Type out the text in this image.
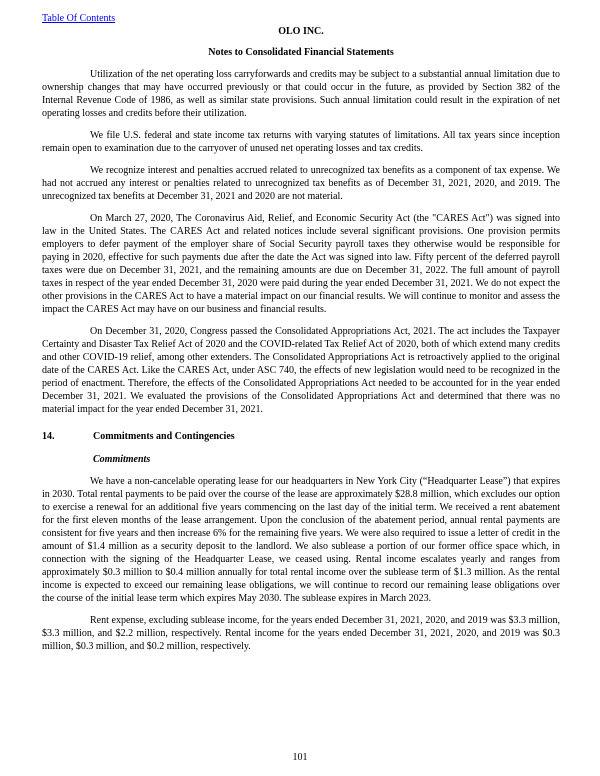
Table Of Contents
OLO INC.
Notes to Consolidated Financial Statements

Utilization of the net operating loss carryforwards and credits may be subject to a substantial annual limitation due to ownership changes that may have occurred previously or that could occur in the future, as provided by Section 382 of the Internal Revenue Code of 1986, as well as similar state provisions. Such annual limitation could result in the expiration of net operating losses and credits before their utilization.

We file U.S. federal and state income tax returns with varying statutes of limitations. All tax years since inception remain open to examination due to the carryover of unused net operating losses and tax credits.

We recognize interest and penalties accrued related to unrecognized tax benefits as a component of tax expense. We had not accrued any interest or penalties related to unrecognized tax benefits as of December 31, 2021, 2020, and 2019. The unrecognized tax benefits at December 31, 2021 and 2020 are not material.

On March 27, 2020, The Coronavirus Aid, Relief, and Economic Security Act (the "CARES Act") was signed into law in the United States. The CARES Act and related notices include several significant provisions. One provision permits employers to defer payment of the employer share of Social Security payroll taxes they otherwise would be responsible for paying in 2020, effective for such payments due after the date the Act was signed into law. Fifty percent of the deferred payroll taxes were due on December 31, 2021, and the remaining amounts are due on December 31, 2022. The full amount of payroll taxes in respect of the year ended December 31, 2020 were paid during the year ended December 31, 2021. We do not expect the other provisions in the CARES Act to have a material impact on our financial results. We will continue to monitor and assess the impact the CARES Act may have on our business and financial results.

On December 31, 2020, Congress passed the Consolidated Appropriations Act, 2021. The act includes the Taxpayer Certainty and Disaster Tax Relief Act of 2020 and the COVID-related Tax Relief Act of 2020, both of which extend many credits and other COVID-19 relief, among other extenders. The Consolidated Appropriations Act is retroactively applied to the original date of the CARES Act. Like the CARES Act, under ASC 740, the effects of new legislation would need to be recognized in the period of enactment. Therefore, the effects of the Consolidated Appropriations Act needed to be accounted for in the year ended December 31, 2021. We evaluated the provisions of the Consolidated Appropriations Act and determined that there was no material impact for the year ended December 31, 2021.

14.	Commitments and Contingencies
Commitments

We have a non-cancelable operating lease for our headquarters in New York City (“Headquarter Lease”) that expires in 2030. Total rental payments to be paid over the course of the lease are approximately $28.8 million, which excludes our option to exercise a renewal for an additional five years commencing on the last day of the initial term. We received a rent abatement for the first eleven months of the lease arrangement. Upon the conclusion of the abatement period, annual rental payments are consistent for five years and then increase 6% for the remaining five years. We were also required to issue a letter of credit in the amount of $1.4 million as a security deposit to the landlord. We also sublease a portion of our former office space which, in connection with the signing of the Headquarter Lease, we ceased using. Rental income escalates yearly and ranges from approximately $0.3 million to $0.4 million annually for total rental income over the sublease term of $1.3 million. As the rental income is expected to exceed our remaining lease obligations, we will continue to record our remaining lease obligations over the course of the initial lease term which expires May 2030. The sublease expires in March 2023.

Rent expense, excluding sublease income, for the years ended December 31, 2021, 2020, and 2019 was $3.3 million, $3.3 million, and $2.2 million, respectively. Rental income for the years ended December 31, 2021, 2020, and 2019 was $0.3 million, $0.3 million, and $0.2 million, respectively.

101
